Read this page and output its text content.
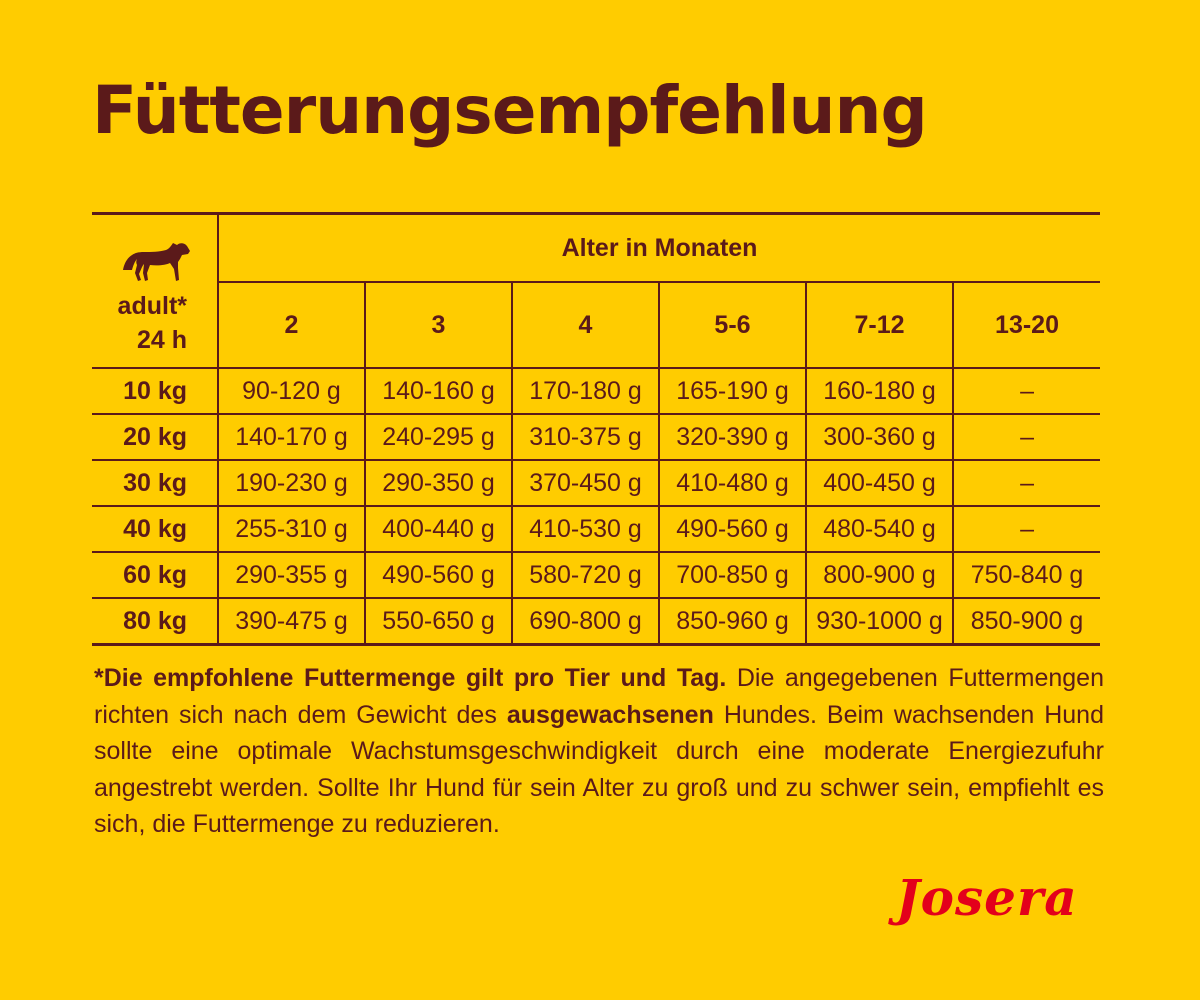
Fütterungsempfehlung
adult*
24 h	Alter in Monaten					
	2	3	4	5-6	7-12	13-20
10 kg	90-120 g	140-160 g	170-180 g	165-190 g	160-180 g	–
20 kg	140-170 g	240-295 g	310-375 g	320-390 g	300-360 g	–
30 kg	190-230 g	290-350 g	370-450 g	410-480 g	400-450 g	–
40 kg	255-310 g	400-440 g	410-530 g	490-560 g	480-540 g	–
60 kg	290-355 g	490-560 g	580-720 g	700-850 g	800-900 g	750-840 g
80 kg	390-475 g	550-650 g	690-800 g	850-960 g	930-1000 g	850-900 g

*Die empfohlene Futtermenge gilt pro Tier und Tag. Die angegebenen Futtermengen richten sich nach dem Gewicht des ausgewachsenen Hundes. Beim wachsenden Hund sollte eine optimale Wachstumsgeschwindigkeit durch eine moderate Energiezufuhr angestrebt werden. Sollte Ihr Hund für sein Alter zu groß und zu schwer sein, empfiehlt es sich, die Futtermenge zu reduzieren.

Josera
